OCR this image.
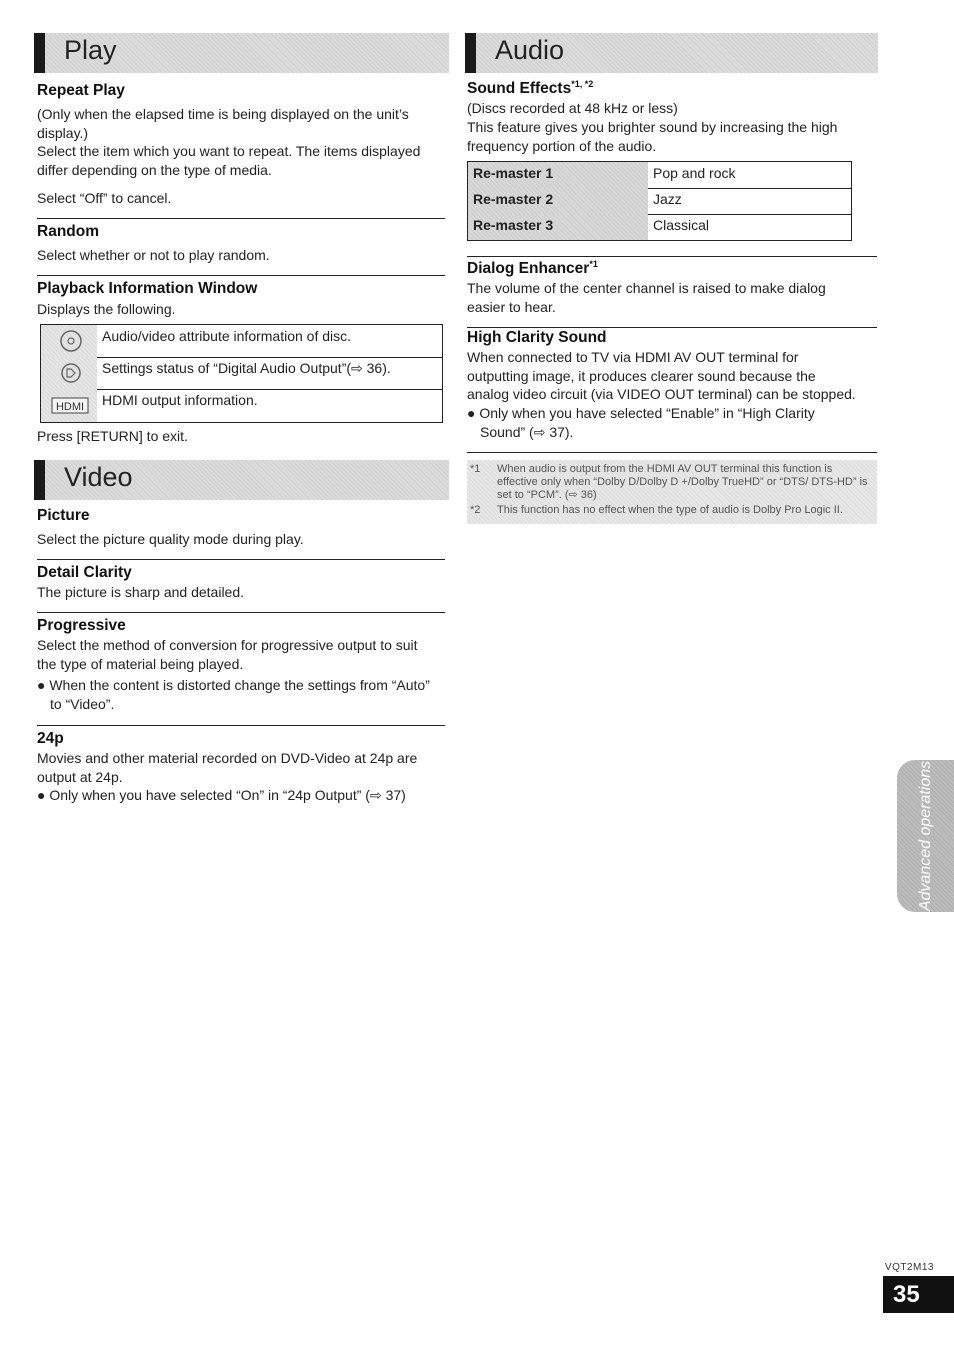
Play
Repeat Play

(Only when the elapsed time is being displayed on the unit’s

display.)

Select the item which you want to repeat. The items displayed

differ depending on the type of media.

Select “Off” to cancel.

Random

Select whether or not to play random.

Playback Information Window

Displays the following.

Audio/video attribute information of disc.
Settings status of “Digital Audio Output”(⇨ 36).
HDMI HDMI output information.

Press [RETURN] to exit.

Video
Picture

Select the picture quality mode during play.

Detail Clarity

The picture is sharp and detailed.

Progressive

Select the method of conversion for progressive output to suit

the type of material being played.

● When the content is distorted change the settings from “Auto” to “Video”.

24p

Movies and other material recorded on DVD-Video at 24p are

output at 24p.

● Only when you have selected “On” in “24p Output” (⇨ 37)

Audio
Sound Effects$^{*1, *2}$

(Discs recorded at 48 kHz or less)

This feature gives you brighter sound by increasing the high

frequency portion of the audio.

Re-master 1	Pop and rock
Re-master 2	Jazz
Re-master 3	Classical
Dialog Enhancer$^{*1}$

The volume of the center channel is raised to make dialog

easier to hear.

High Clarity Sound

When connected to TV via HDMI AV OUT terminal for

outputting image, it produces clearer sound because the

analog video circuit (via VIDEO OUT terminal) can be stopped.

● Only when you have selected “Enable” in “High Clarity Sound” (⇨ 37).

*1 When audio is output from the HDMI AV OUT terminal this function is effective only when “Dolby D/Dolby D +/Dolby TrueHD” or “DTS/ DTS-HD” is set to “PCM”. (⇨ 36)
*2 This function has no effect when the type of audio is Dolby Pro Logic II.
Advanced operations
VQT2M13
35
